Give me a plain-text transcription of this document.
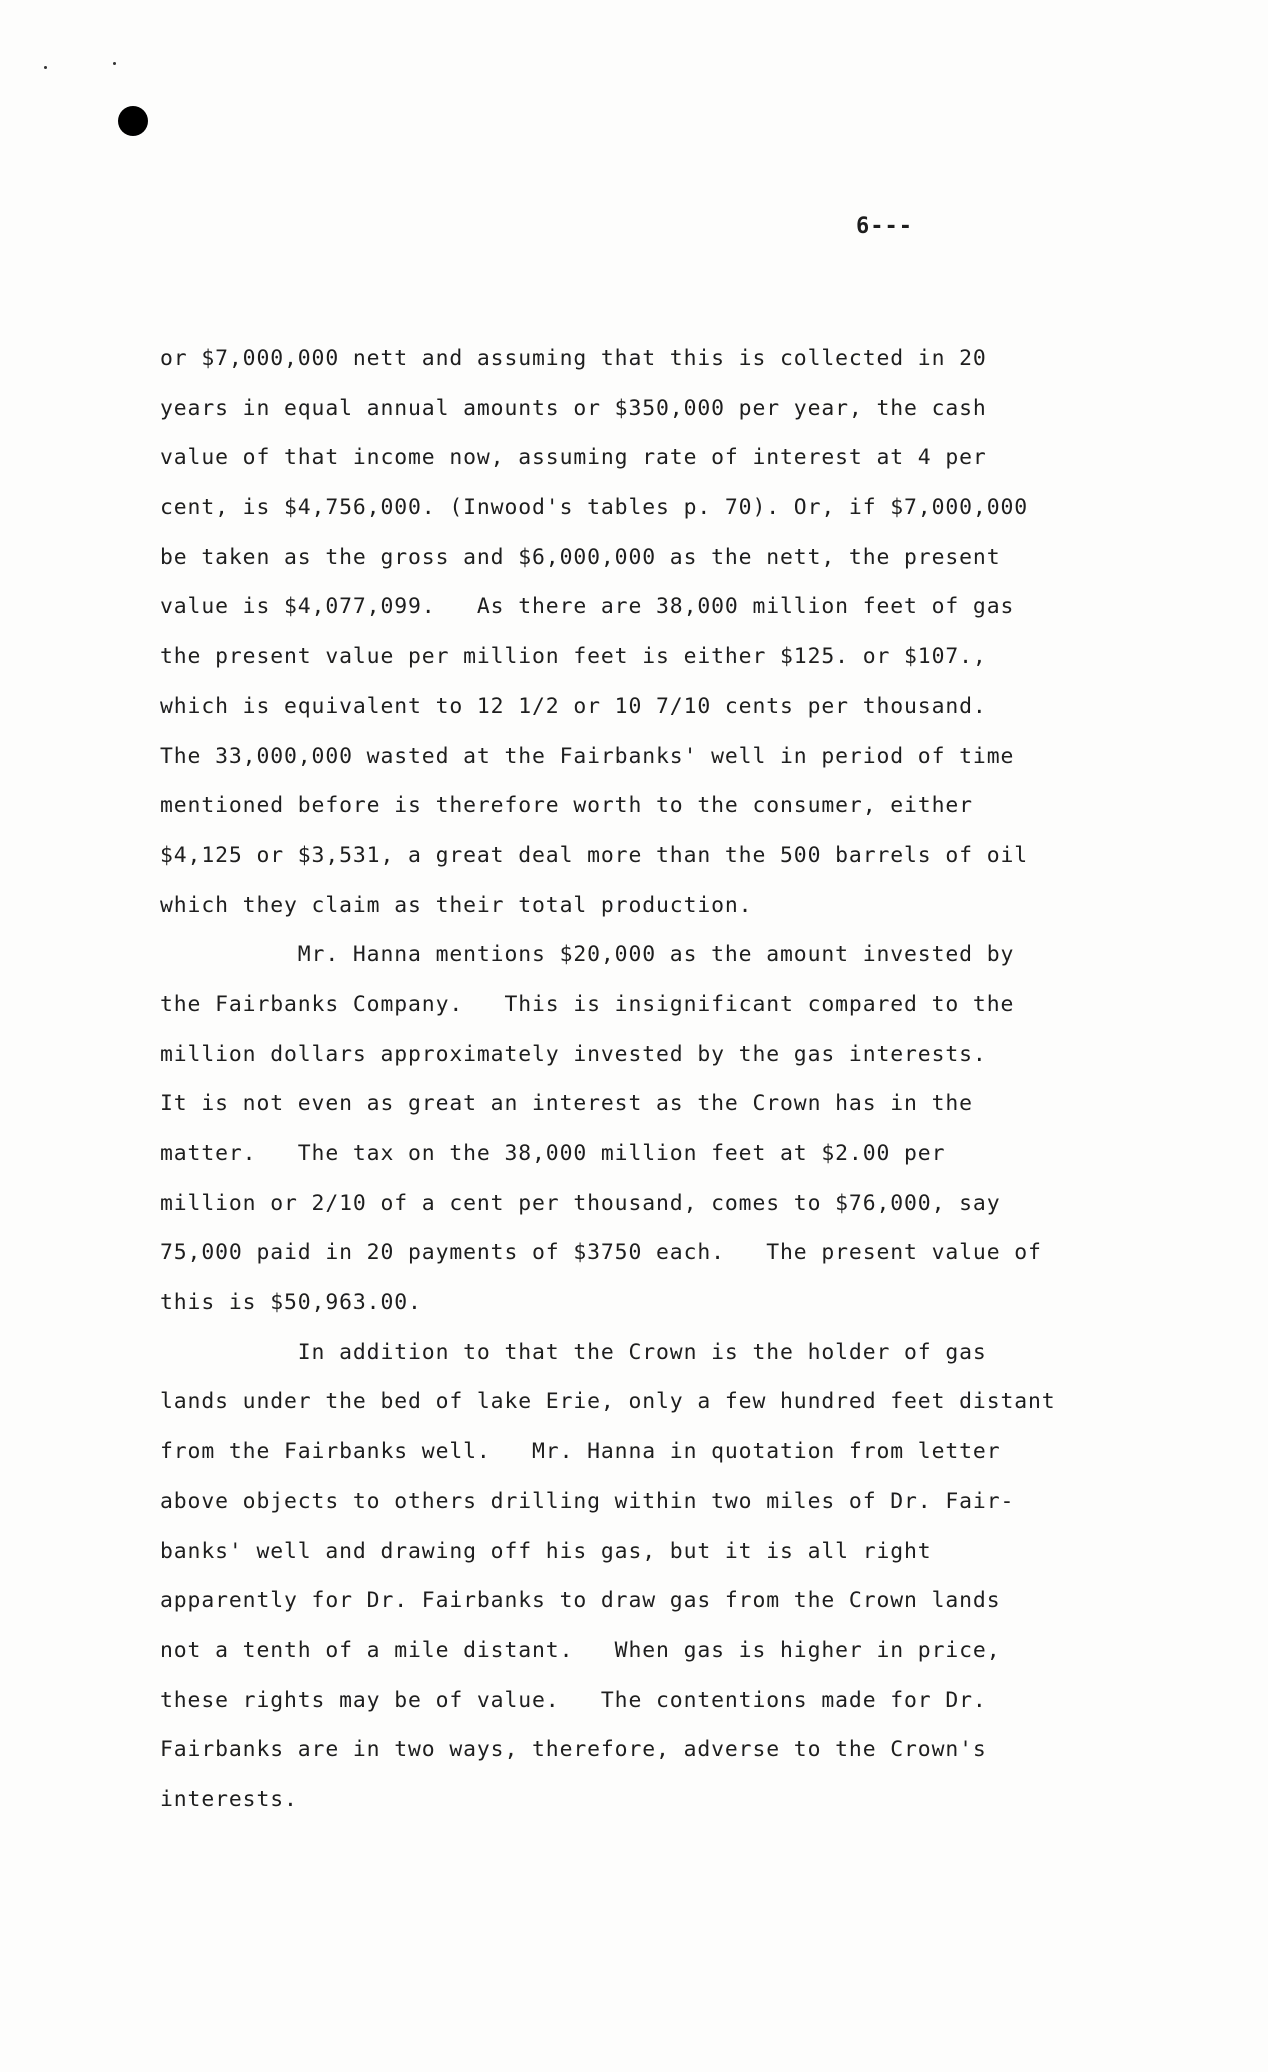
6---
or $7,000,000 nett and assuming that this is collected in 20
years in equal annual amounts or $350,000 per year, the cash
value of that income now, assuming rate of interest at 4 per
cent, is $4,756,000. (Inwood's tables p. 70). Or, if $7,000,000
be taken as the gross and $6,000,000 as the nett, the present
value is $4,077,099.   As there are 38,000 million feet of gas
the present value per million feet is either $125. or $107.,
which is equivalent to 12 1/2 or 10 7/10 cents per thousand.
The 33,000,000 wasted at the Fairbanks' well in period of time
mentioned before is therefore worth to the consumer, either
$4,125 or $3,531, a great deal more than the 500 barrels of oil
which they claim as their total production.
Mr. Hanna mentions $20,000 as the amount invested by
the Fairbanks Company.   This is insignificant compared to the
million dollars approximately invested by the gas interests.
It is not even as great an interest as the Crown has in the
matter.   The tax on the 38,000 million feet at $2.00 per
million or 2/10 of a cent per thousand, comes to $76,000, say
75,000 paid in 20 payments of $3750 each.   The present value of
this is $50,963.00.
In addition to that the Crown is the holder of gas
lands under the bed of lake Erie, only a few hundred feet distant
from the Fairbanks well.   Mr. Hanna in quotation from letter
above objects to others drilling within two miles of Dr. Fair-
banks' well and drawing off his gas, but it is all right
apparently for Dr. Fairbanks to draw gas from the Crown lands
not a tenth of a mile distant.   When gas is higher in price,
these rights may be of value.   The contentions made for Dr.
Fairbanks are in two ways, therefore, adverse to the Crown's
interests.
